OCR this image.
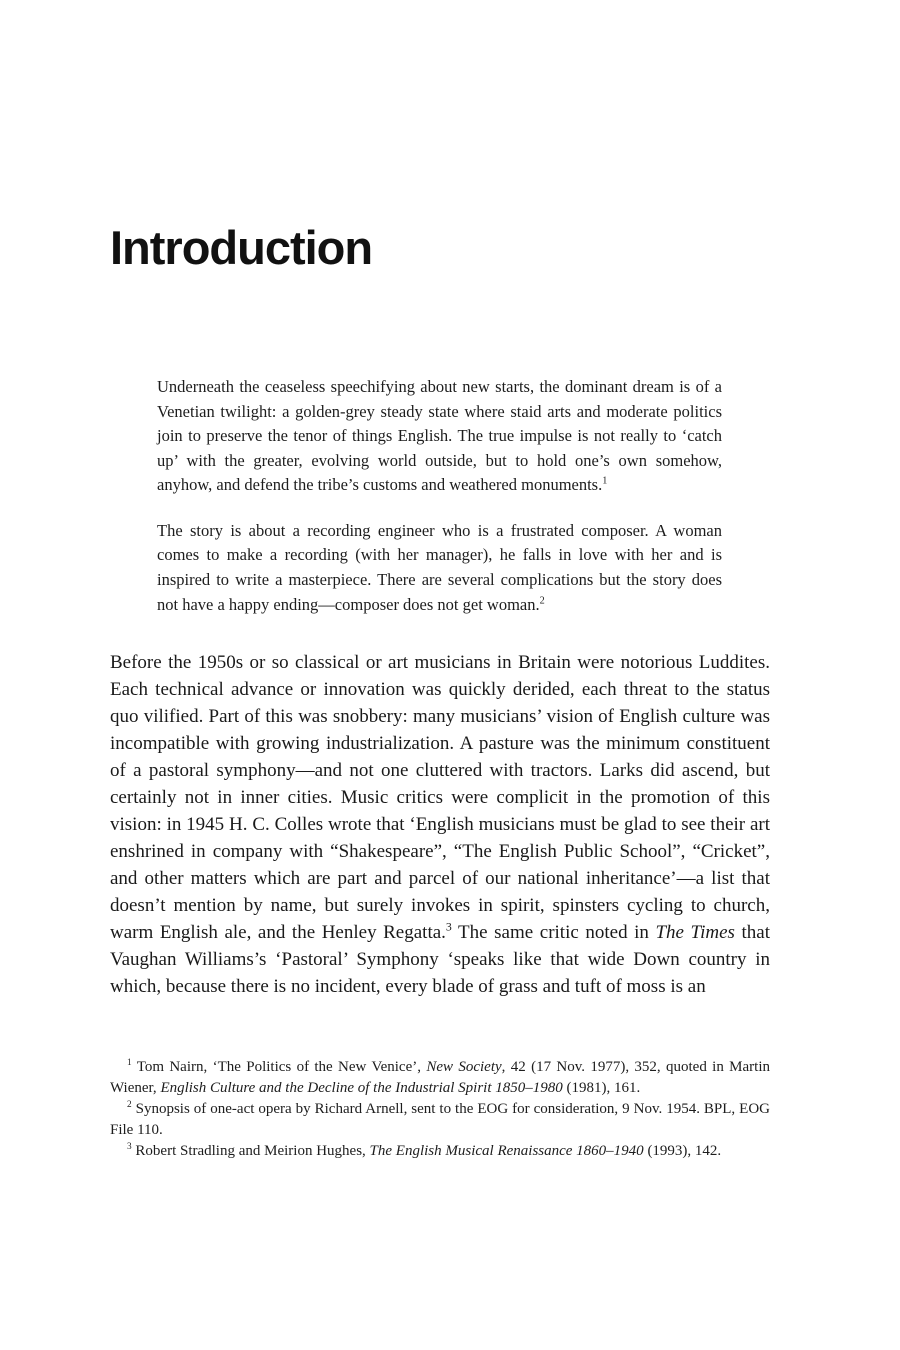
Introduction

Underneath the ceaseless speechifying about new starts, the dominant dream is of a Venetian twilight: a golden-grey steady state where staid arts and moderate politics join to preserve the tenor of things English. The true impulse is not really to ‘catch up’ with the greater, evolving world outside, but to hold one’s own somehow, anyhow, and defend the tribe’s customs and weathered monuments.$^1$

The story is about a recording engineer who is a frustrated composer. A woman comes to make a recording (with her manager), he falls in love with her and is inspired to write a masterpiece. There are several complications but the story does not have a happy ending—composer does not get woman.$^2$

Before the 1950s or so classical or art musicians in Britain were notorious Luddites. Each technical advance or innovation was quickly derided, each threat to the status quo vilified. Part of this was snobbery: many musicians’ vision of English culture was incompatible with growing industrialization. A pasture was the minimum constituent of a pastoral symphony—and not one cluttered with tractors. Larks did ascend, but certainly not in inner cities. Music critics were complicit in the promotion of this vision: in 1945 H. C. Colles wrote that ‘English musicians must be glad to see their art enshrined in company with “Shakespeare”, “The English Public School”, “Cricket”, and other matters which are part and parcel of our national inheritance’—a list that doesn’t mention by name, but surely invokes in spirit, spinsters cycling to church, warm English ale, and the Henley Regatta.$^3$ The same critic noted in The Times that Vaughan Williams’s ‘Pastoral’ Symphony ‘speaks like that wide Down country in which, because there is no incident, every blade of grass and tuft of moss is an

$^1$ Tom Nairn, ‘The Politics of the New Venice’, New Society, 42 (17 Nov. 1977), 352, quoted in Martin Wiener, English Culture and the Decline of the Industrial Spirit 1850–1980 (1981), 161.

$^2$ Synopsis of one-act opera by Richard Arnell, sent to the EOG for consideration, 9 Nov. 1954. BPL, EOG File 110.

$^3$ Robert Stradling and Meirion Hughes, The English Musical Renaissance 1860–1940 (1993), 142.
